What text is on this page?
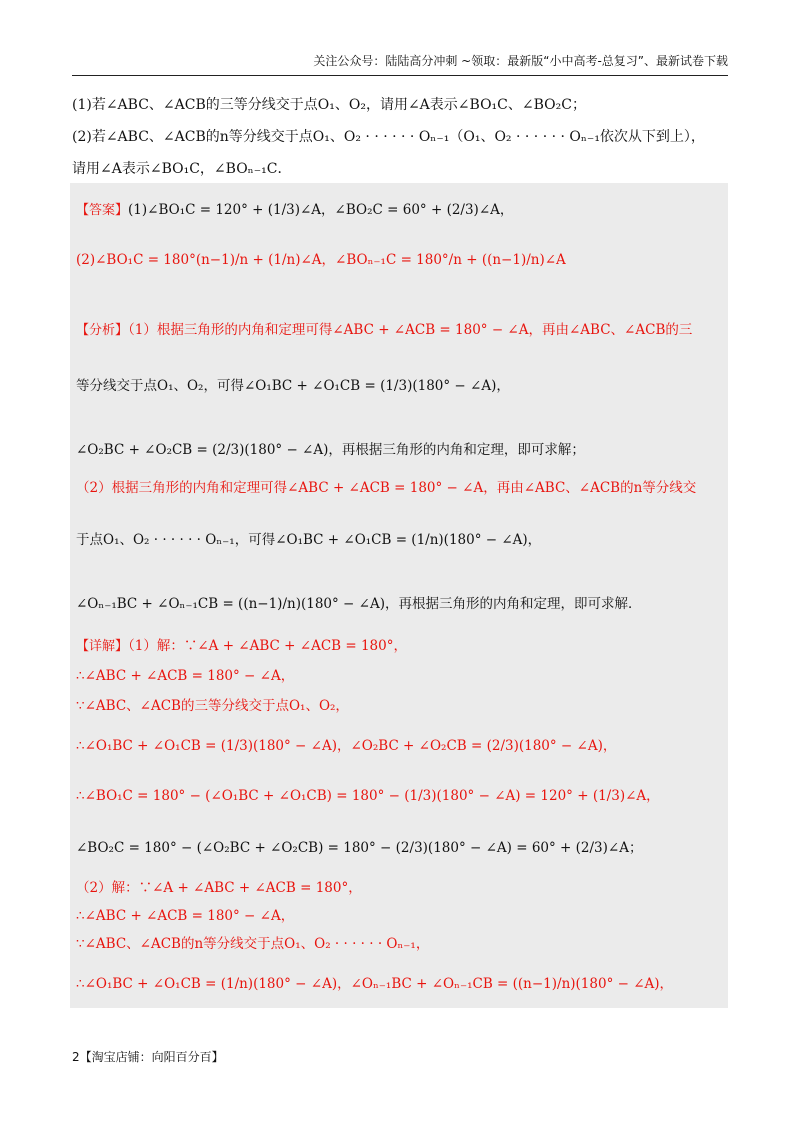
关注公众号：陆陆高分冲刺 ~领取：最新版“小中高考-总复习”、最新试卷下载
(1)若∠ABC、∠ACB的三等分线交于点O₁、O₂，请用∠A表示∠BO₁C、∠BO₂C；
(2)若∠ABC、∠ACB的n等分线交于点O₁、O₂ · · · · · · Oₙ₋₁（O₁、O₂ · · · · · · Oₙ₋₁依次从下到上），
请用∠A表示∠BO₁C，∠BOₙ₋₁C．
【答案】(1)∠BO₁C = 120° + (1/3)∠A，∠BO₂C = 60° + (2/3)∠A，
(2)∠BO₁C = 180°(n−1)/n + (1/n)∠A，∠BOₙ₋₁C = 180°/n + ((n−1)/n)∠A
【分析】（1）根据三角形的内角和定理可得∠ABC + ∠ACB = 180° − ∠A，再由∠ABC、∠ACB的三
等分线交于点O₁、O₂，可得∠O₁BC + ∠O₁CB = (1/3)(180° − ∠A)，
∠O₂BC + ∠O₂CB = (2/3)(180° − ∠A)，再根据三角形的内角和定理，即可求解；
（2）根据三角形的内角和定理可得∠ABC + ∠ACB = 180° − ∠A，再由∠ABC、∠ACB的n等分线交
于点O₁、O₂ · · · · · · Oₙ₋₁，可得∠O₁BC + ∠O₁CB = (1/n)(180° − ∠A)，
∠Oₙ₋₁BC + ∠Oₙ₋₁CB = ((n−1)/n)(180° − ∠A)，再根据三角形的内角和定理，即可求解．
【详解】（1）解：∵∠A + ∠ABC + ∠ACB = 180°，
∴∠ABC + ∠ACB = 180° − ∠A，
∵∠ABC、∠ACB的三等分线交于点O₁、O₂，
∴∠O₁BC + ∠O₁CB = (1/3)(180° − ∠A)，∠O₂BC + ∠O₂CB = (2/3)(180° − ∠A)，
∴∠BO₁C = 180° − (∠O₁BC + ∠O₁CB) = 180° − (1/3)(180° − ∠A) = 120° + (1/3)∠A，
∠BO₂C = 180° − (∠O₂BC + ∠O₂CB) = 180° − (2/3)(180° − ∠A) = 60° + (2/3)∠A；
（2）解：∵∠A + ∠ABC + ∠ACB = 180°，
∴∠ABC + ∠ACB = 180° − ∠A，
∵∠ABC、∠ACB的n等分线交于点O₁、O₂ · · · · · · Oₙ₋₁，
∴∠O₁BC + ∠O₁CB = (1/n)(180° − ∠A)，∠Oₙ₋₁BC + ∠Oₙ₋₁CB = ((n−1)/n)(180° − ∠A)，
2【淘宝店铺：向阳百分百】
